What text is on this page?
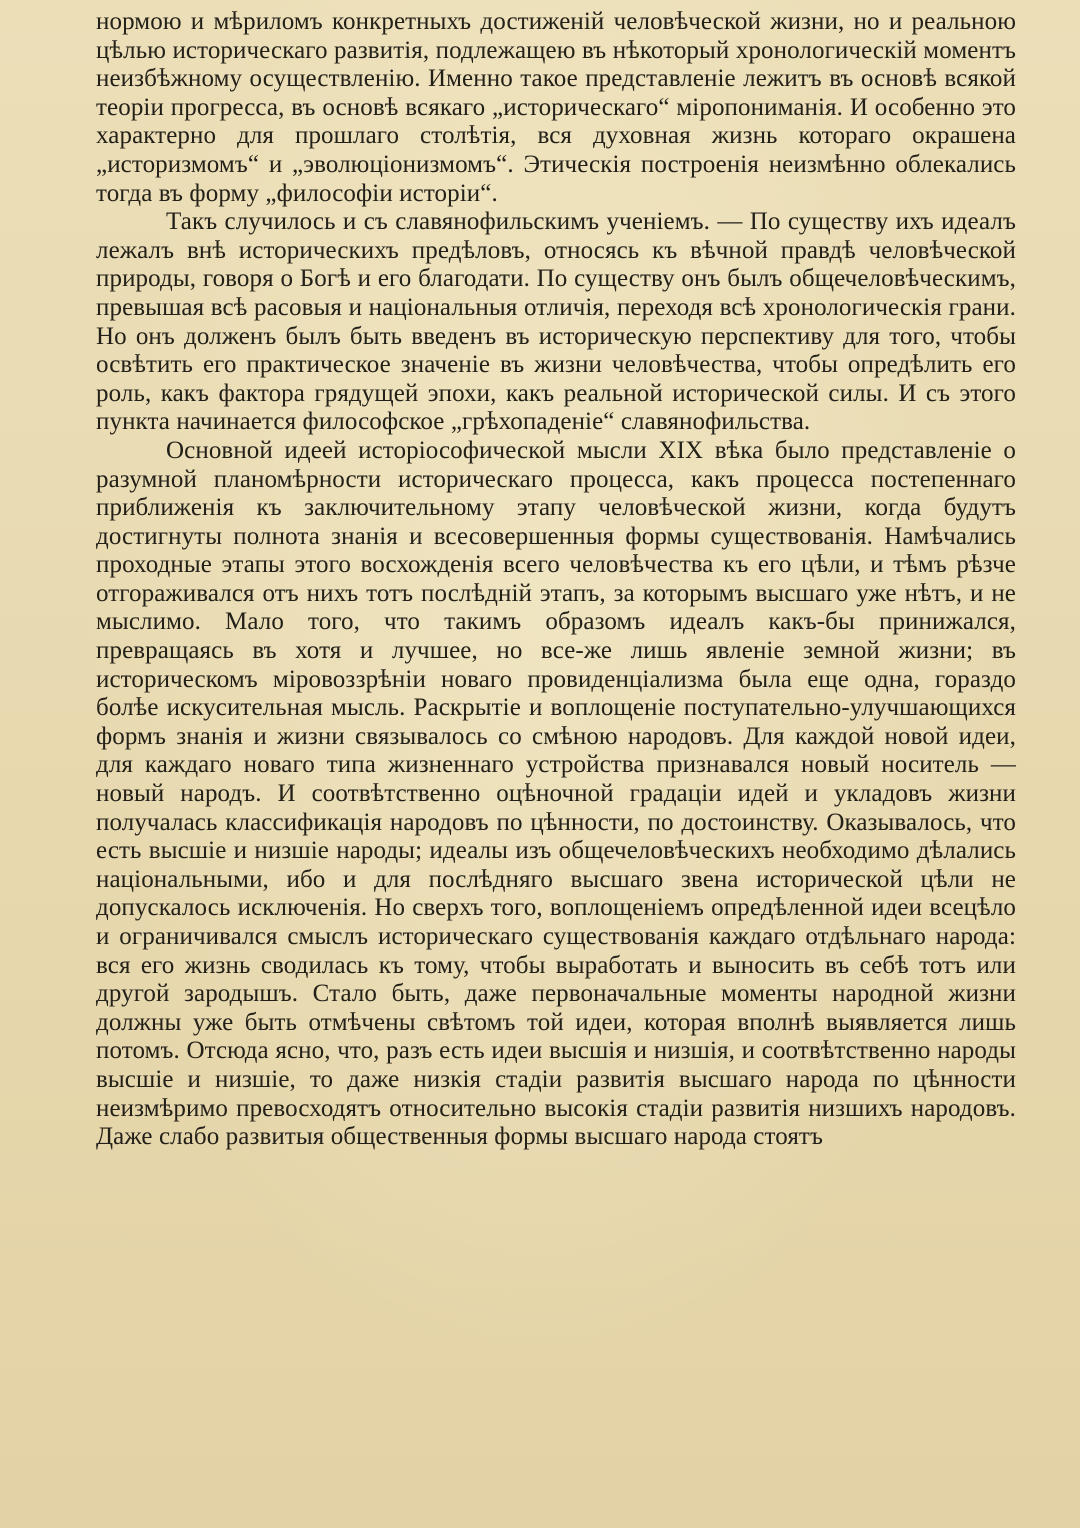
нормою и мѣриломъ конкретныхъ достиженій человѣческой жизни, но и реальною цѣлью историческаго развитія, подлежащею въ нѣкоторый хронологическій моментъ неизбѣжному осуществленію. Именно такое представленіе лежитъ въ основѣ всякой теоріи прогресса, въ основѣ всякаго „историческаго“ міропониманія. И особенно это характерно для прошлаго столѣтія, вся духовная жизнь котораго окрашена „историзмомъ“ и „эволюціонизмомъ“. Этическія построенія неизмѣнно облекались тогда въ форму „философіи исторіи“.

Такъ случилось и съ славянофильскимъ ученіемъ. — По существу ихъ идеалъ лежалъ внѣ историческихъ предѣловъ, относясь къ вѣчной правдѣ человѣческой природы, говоря о Богѣ и его благодати. По существу онъ былъ общечеловѣческимъ, превышая всѣ расовыя и національныя отличія, переходя всѣ хронологическія грани. Но онъ долженъ былъ быть введенъ въ историческую перспективу для того, чтобы освѣтить его практическое значеніе въ жизни человѣчества, чтобы опредѣлить его роль, какъ фактора грядущей эпохи, какъ реальной исторической силы. И съ этого пункта начинается философское „грѣхопаденіе“ славянофильства.

Основной идеей исторіософической мысли XIX вѣка было представленіе о разумной планомѣрности историческаго процесса, какъ процесса постепеннаго приближенія къ заключительному этапу человѣческой жизни, когда будутъ достигнуты полнота знанія и всесовершенныя формы существованія. Намѣчались проходные этапы этого восхожденія всего человѣчества къ его цѣли, и тѣмъ рѣзче отгораживался отъ нихъ тотъ послѣдній этапъ, за которымъ высшаго уже нѣтъ, и не мыслимо. Мало того, что такимъ образомъ идеалъ какъ-бы принижался, превращаясь въ хотя и лучшее, но все-же лишь явленіе земной жизни; въ историческомъ міровоззрѣніи новаго провиденціализма была еще одна, гораздо болѣе искусительная мысль. Раскрытіе и воплощеніе поступательно-улучшающихся формъ знанія и жизни связывалось со смѣною народовъ. Для каждой новой идеи, для каждаго новаго типа жизненнаго устройства признавался новый носитель — новый народъ. И соотвѣтственно оцѣночной градаціи идей и укладовъ жизни получалась классификація народовъ по цѣнности, по достоинству. Оказывалось, что есть высшіе и низшіе народы; идеалы изъ общечеловѣческихъ необходимо дѣлались національными, ибо и для послѣдняго высшаго звена исторической цѣли не допускалось исключенія. Но сверхъ того, воплощеніемъ опредѣленной идеи всецѣло и ограничивался смыслъ историческаго существованія каждаго отдѣльнаго народа: вся его жизнь сводилась къ тому, чтобы выработать и выносить въ себѣ тотъ или другой зародышъ. Стало быть, даже первоначальные моменты народной жизни должны уже быть отмѣчены свѣтомъ той идеи, которая вполнѣ выявляется лишь потомъ. Отсюда ясно, что, разъ есть идеи высшія и низшія, и соотвѣтственно народы высшіе и низшіе, то даже низкія стадіи развитія высшаго народа по цѣнности неизмѣримо превосходятъ относительно высокія стадіи развитія низшихъ народовъ. Даже слабо развитыя общественныя формы высшаго народа стоятъ
